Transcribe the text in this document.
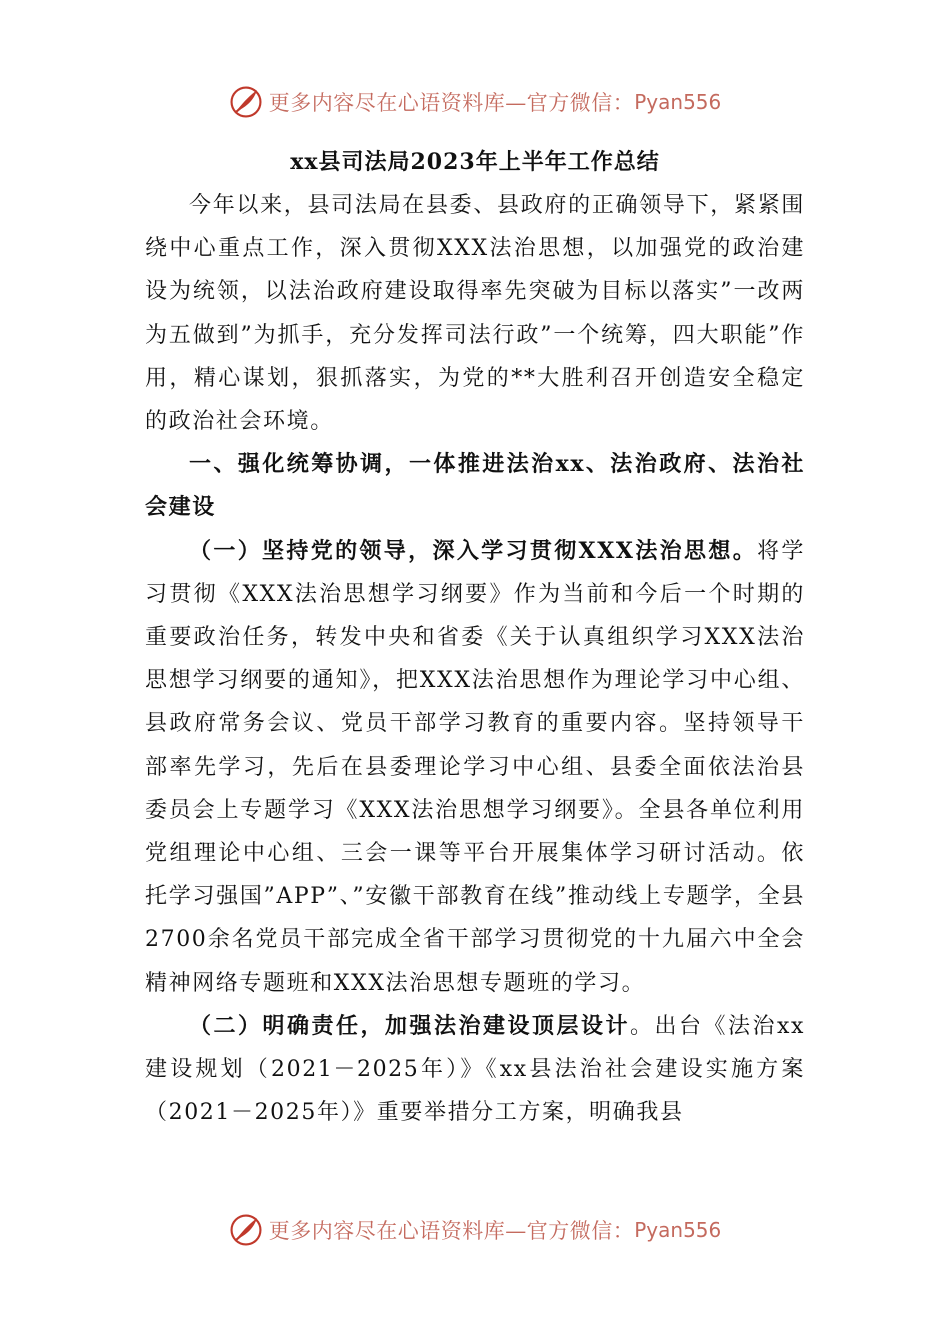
更多内容尽在心语资料库—官方微信： Pyan556
xx县司法局2023年上半年工作总结

今年以来，县司法局在县委、县政府的正确领导下，紧紧围绕中心重点工作，深入贯彻XXX法治思想，以加强党的政治建设为统领，以法治政府建设取得率先突破为目标以落实”一改两为五做到”为抓手，充分发挥司法行政”一个统筹，四大职能”作用，精心谋划，狠抓落实，为党的**大胜利召开创造安全稳定的政治社会环境。

一、强化统筹协调，一体推进法治xx、法治政府、法治社会建设

（一）坚持党的领导，深入学习贯彻XXX法治思想。将学习贯彻《XXX法治思想学习纲要》作为当前和今后一个时期的重要政治任务，转发中央和省委《关于认真组织学习XXX法治思想学习纲要的通知》，把XXX法治思想作为理论学习中心组、县政府常务会议、党员干部学习教育的重要内容。坚持领导干部率先学习，先后在县委理论学习中心组、县委全面依法治县委员会上专题学习《XXX法治思想学习纲要》。全县各单位利用党组理论中心组、三会一课等平台开展集体学习研讨活动。依托学习强国”APP”、”安徽干部教育在线”推动线上专题学，全县2700余名党员干部完成全省干部学习贯彻党的十九届六中全会精神网络专题班和XXX法治思想专题班的学习。

（二）明确责任，加强法治建设顶层设计。出台《法治xx建设规划（2021－2025年）》《xx县法治社会建设实施方案（2021－2025年）》重要举措分工方案，明确我县

更多内容尽在心语资料库—官方微信： Pyan556
